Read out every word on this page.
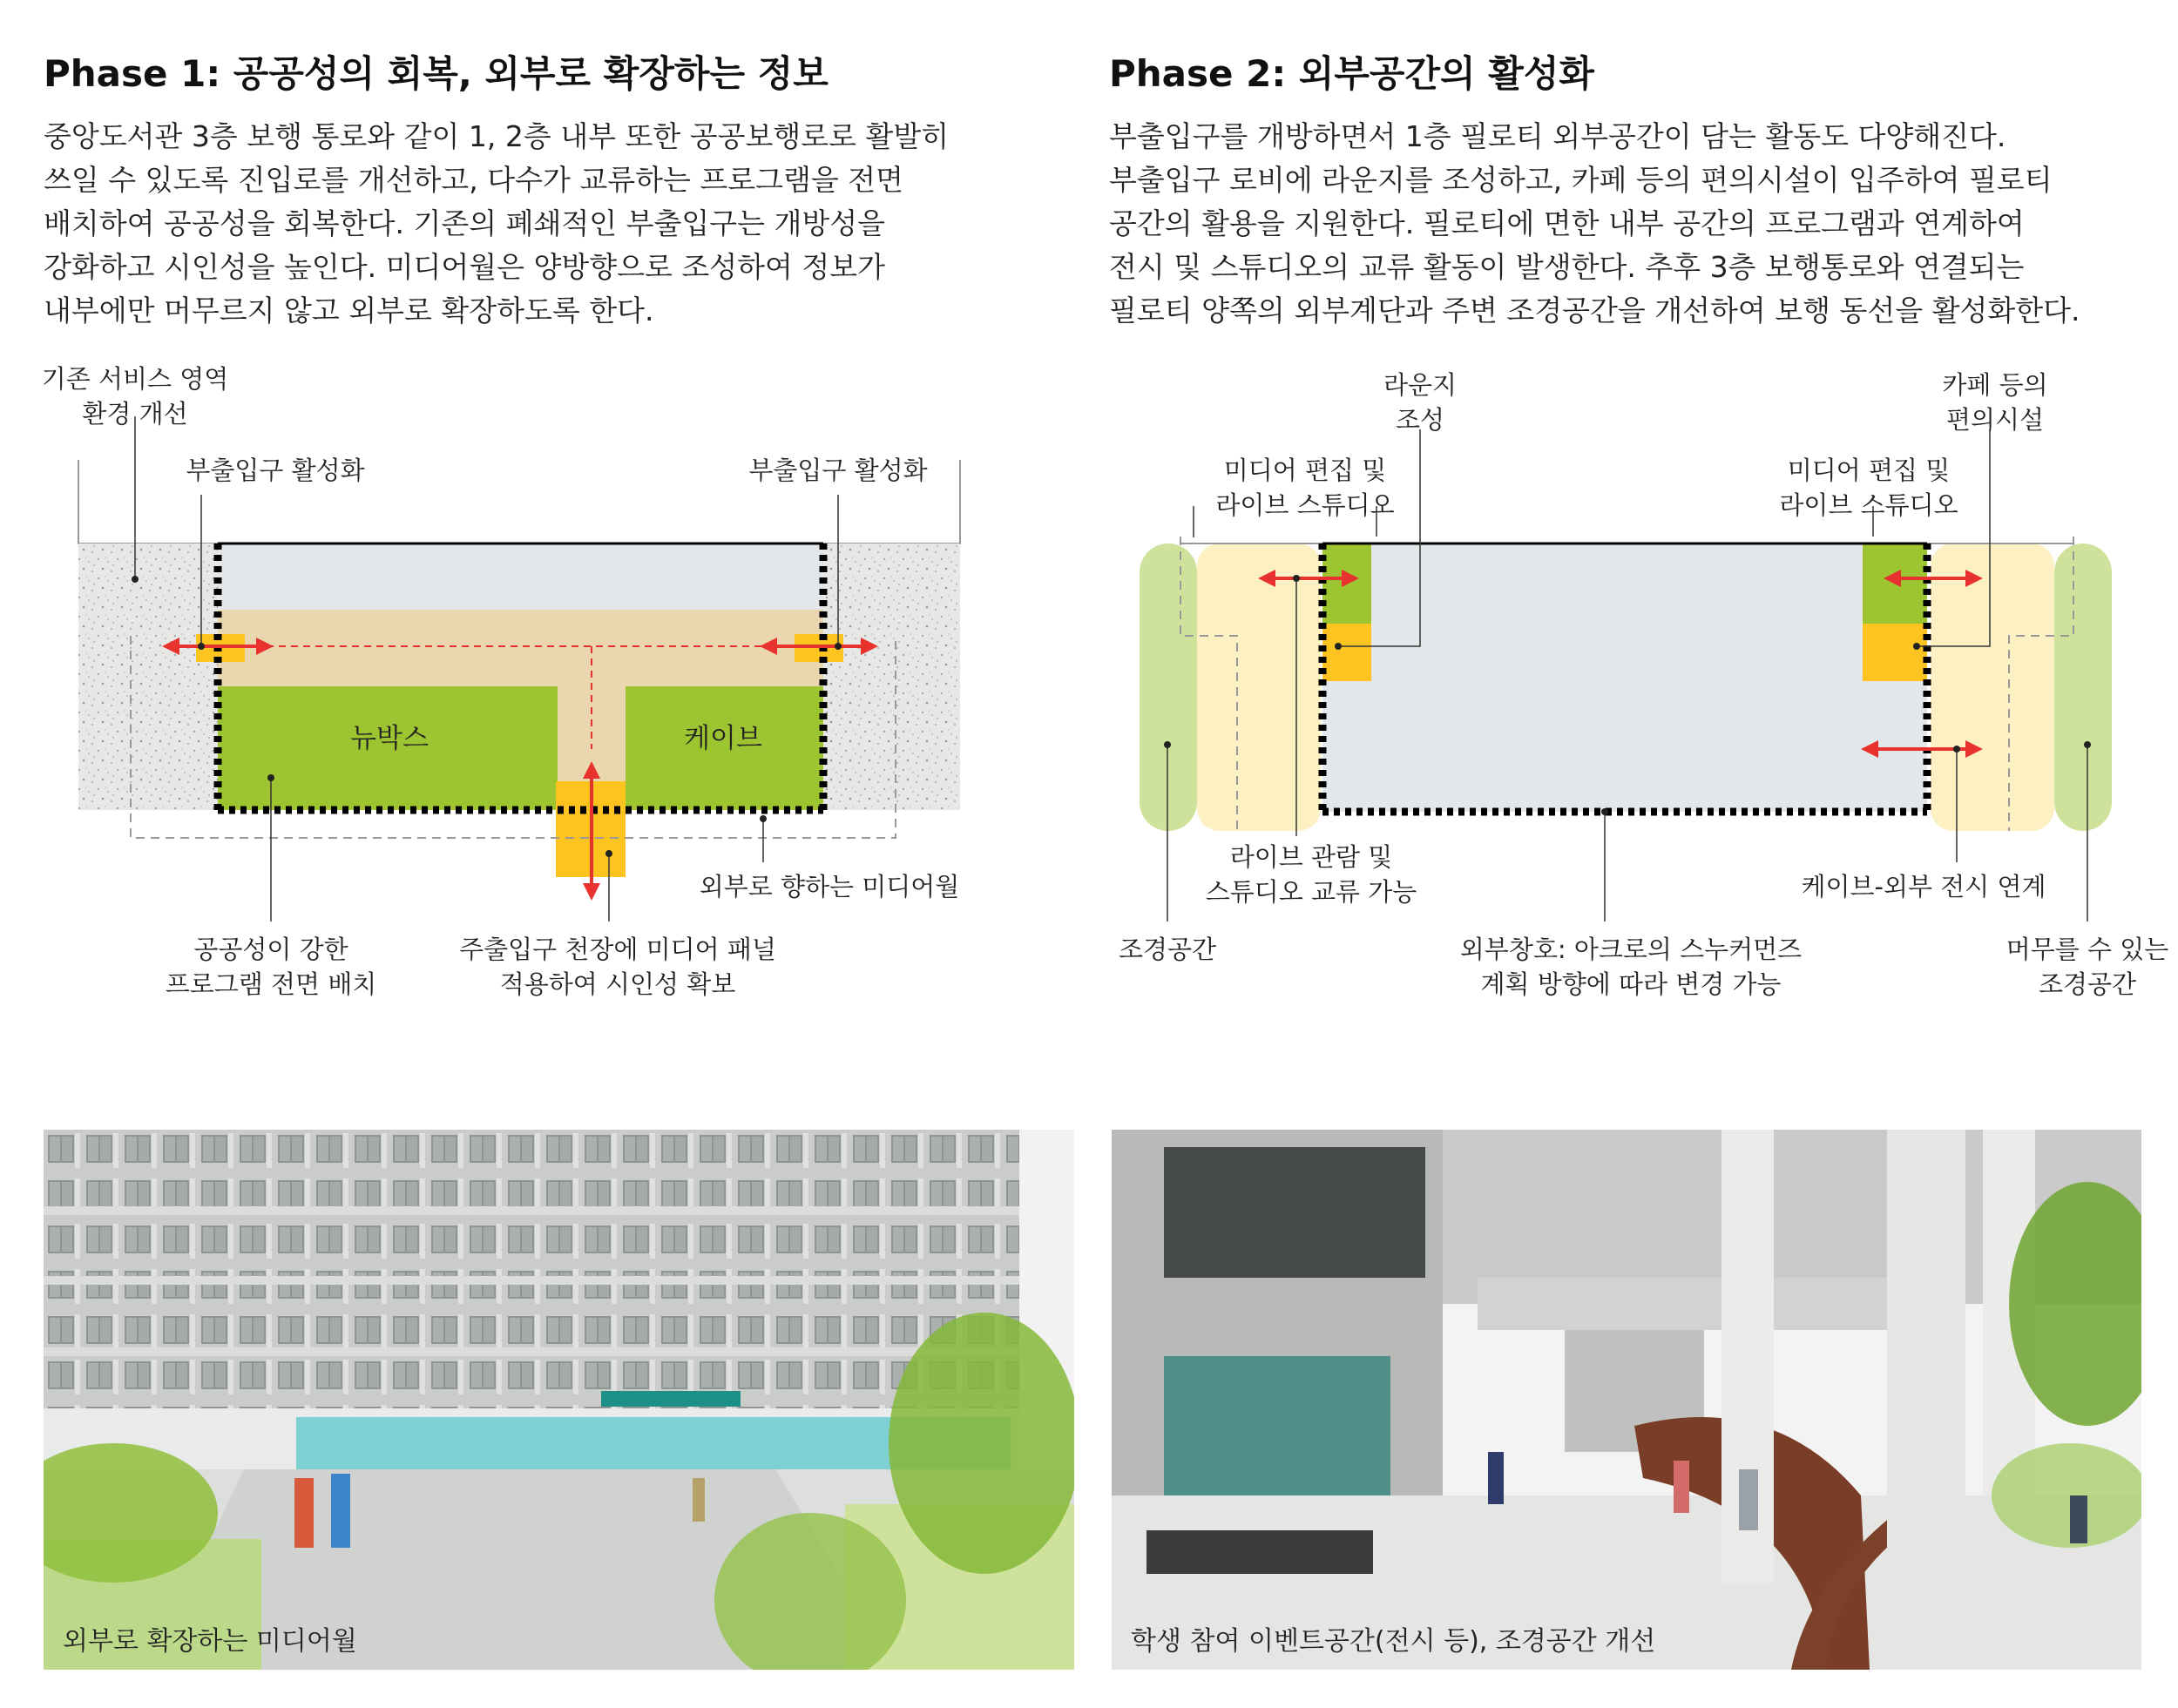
Phase 1: 공공성의 회복, 외부로 확장하는 정보
중앙도서관 3층 보행 통로와 같이 1, 2층 내부 또한 공공보행로로 활발히
쓰일 수 있도록 진입로를 개선하고, 다수가 교류하는 프로그램을 전면
배치하여 공공성을 회복한다. 기존의 폐쇄적인 부출입구는 개방성을
강화하고 시인성을 높인다. 미디어월은 양방향으로 조성하여 정보가
내부에만 머무르지 않고 외부로 확장하도록 한다.
Phase 2: 외부공간의 활성화
부출입구를 개방하면서 1층 필로티 외부공간이 담는 활동도 다양해진다.
부출입구 로비에 라운지를 조성하고, 카페 등의 편의시설이 입주하여 필로티
공간의 활용을 지원한다. 필로티에 면한 내부 공간의 프로그램과 연계하여
전시 및 스튜디오의 교류 활동이 발생한다. 추후 3층 보행통로와 연결되는
필로티 양쪽의 외부계단과 주변 조경공간을 개선하여 보행 동선을 활성화한다.
기존 서비스 영역
환경 개선
부출입구 활성화	부출입구 활성화
뉴박스	케이브
외부로 향하는 미디어월
공공성이 강한
프로그램 전면 배치
주출입구 천장에 미디어 패널
적용하여 시인성 확보
라운지
조성
카페 등의
편의시설
미디어 편집 및
라이브 스튜디오
미디어 편집 및
라이브 스튜디오
라이브 관람 및
스튜디오 교류 가능	케이브-외부 전시 연계
조경공간	외부창호: 아크로의 스누커먼즈
계획 방향에 따라 변경 가능
머무를 수 있는
조경공간
외부로 확장하는 미디어월	학생 참여 이벤트공간(전시 등), 조경공간 개선
